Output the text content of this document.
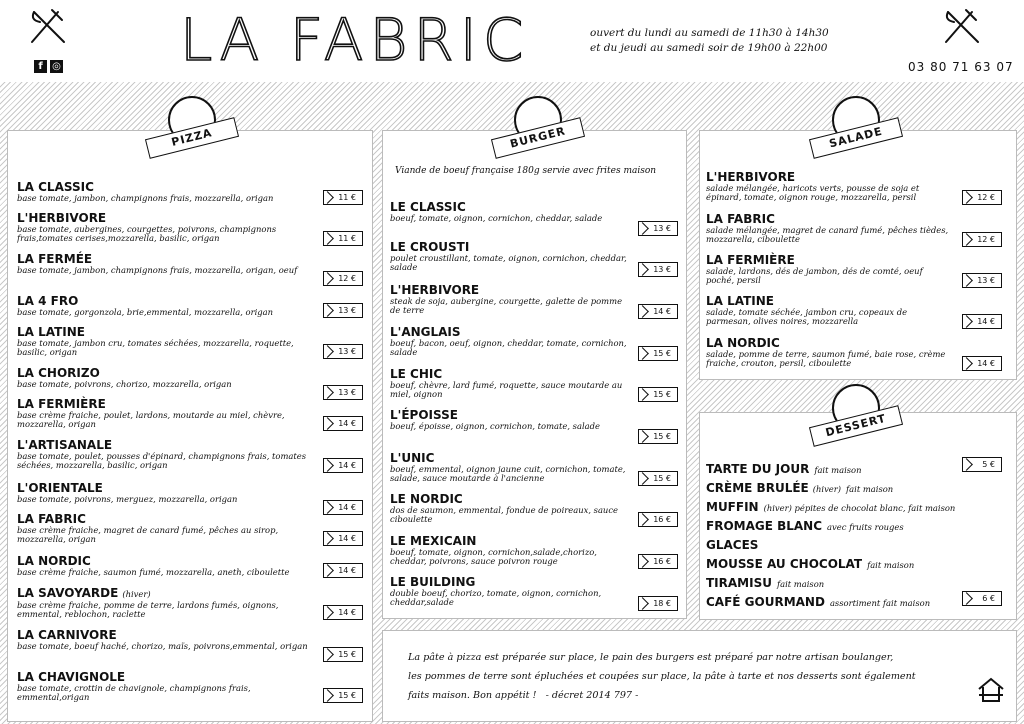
f ◎ LA FABRIC	ouvert du lundi au samedi de 11h30 à 14h30
et du jeudi au samedi soir de 19h00 à 22h00
03 80 71 63 07
PIZZA	BURGER	SALADE
DESSERT
Viande de boeuf française 180g servie avec frites maison
LA CLASSIC
base tomate, jambon, champignons frais, mozzarella, origan	11 €
L'HERBIVORE
base tomate, aubergines, courgettes, poivrons, champignons frais,tomates cerises,mozzarella, basilic, origan	11 €
LA FERMÉE
base tomate, jambon, champignons frais, mozzarella, origan, oeuf
12 €
LA 4 FRO
base tomate, gorgonzola, brie,emmental, mozzarella, origan	13 €
LA LATINE
base tomate, jambon cru, tomates séchées, mozzarella, roquette, basilic, origan	13 €
LA CHORIZO
base tomate, poivrons, chorizo, mozzarella, origan
13 €
LA FERMIÈRE
base crème fraiche, poulet, lardons, moutarde au miel, chèvre, mozzarella, origan	14 €
L'ARTISANALE
base tomate, poulet, pousses d'épinard, champignons frais, tomates séchées, mozzarella, basilic, origan	14 €
L'ORIENTALE
base tomate, poivrons, merguez, mozzarella, origan
14 €
LA FABRIC
base crème fraiche, magret de canard fumé, pêches au sirop, mozzarella, origan	14 €
LA NORDIC
base crème fraiche, saumon fumé, mozzarella, aneth, ciboulette	14 €
LA SAVOYARDE (hiver)
base crème fraiche, pomme de terre, lardons fumés, oignons, emmental, reblochon, raclette	14 €
LA CARNIVORE
base tomate, boeuf haché, chorizo, maïs, poivrons,emmental, origan
15 €
LA CHAVIGNOLE
base tomate, crottin de chavignole, champignons frais, emmental,origan	15 €
LE CLASSIC
boeuf, tomate, oignon, cornichon, cheddar, salade
13 €
LE CROUSTI
poulet croustillant, tomate, oignon, cornichon, cheddar, salade	13 €
L'HERBIVORE
steak de soja, aubergine, courgette, galette de pomme de terre	14 €
L'ANGLAIS
boeuf, bacon, oeuf, oignon, cheddar, tomate, cornichon, salade	15 €
LE CHIC
boeuf, chèvre, lard fumé, roquette, sauce moutarde au miel, oignon	15 €
L'ÉPOISSE
boeuf, époisse, oignon, cornichon, tomate, salade
15 €
L'UNIC
boeuf, emmental, oignon jaune cuit, cornichon, tomate, salade, sauce moutarde à l'ancienne	15 €
LE NORDIC
dos de saumon, emmental, fondue de poireaux, sauce ciboulette	16 €
LE MEXICAIN
boeuf, tomate, oignon, cornichon,salade,chorizo, cheddar, poivrons, sauce poivron rouge	16 €
LE BUILDING
double boeuf, chorizo, tomate, oignon, cornichon, cheddar,salade	18 €
L'HERBIVORE
salade mélangée, haricots verts, pousse de soja et épinard, tomate, oignon rouge, mozzarella, persil	12 €
LA FABRIC
salade mélangée, magret de canard fumé, pêches tièdes, mozzarella, ciboulette	12 €
LA FERMIÈRE
salade, lardons, dés de jambon, dés de comté, oeuf poché, persil	13 €
LA LATINE
salade, tomate séchée, jambon cru, copeaux de parmesan, olives noires, mozzarella	14 €
LA NORDIC
salade, pomme de terre, saumon fumé, baie rose, crème fraiche, crouton, persil, ciboulette	14 €
TARTE DU JOUR fait maison
5 €
CRÈME BRULÉE (hiver) fait maison
MUFFIN (hiver) pépites de chocolat blanc, fait maison
FROMAGE BLANC avec fruits rouges
GLACES
MOUSSE AU CHOCOLAT fait maison
TIRAMISU fait maison
CAFÉ GOURMAND assortiment fait maison	6 €
La pâte à pizza est préparée sur place, le pain des burgers est préparé par notre artisan boulanger,
les pommes de terre sont épluchées et coupées sur place, la pâte à tarte et nos desserts sont également
faits maison. Bon appétit ! - décret 2014 797 -
